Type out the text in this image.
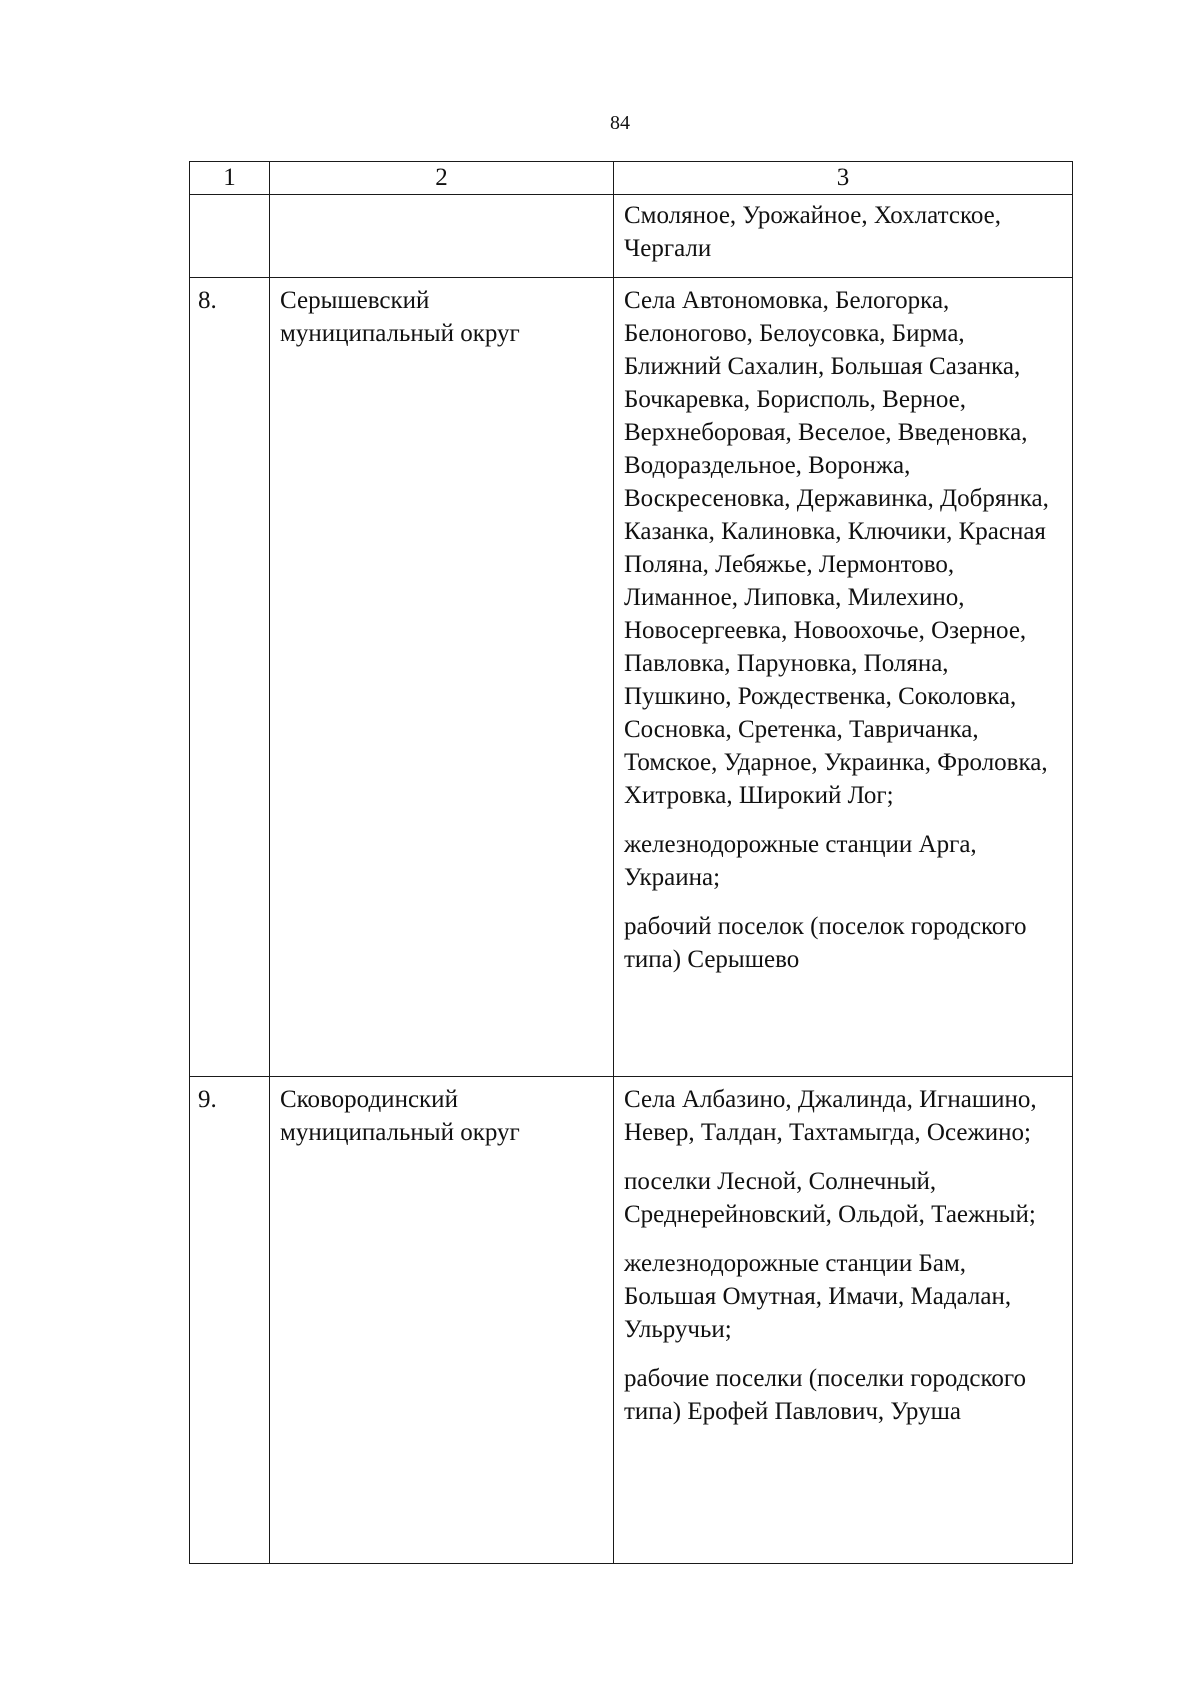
84
1	2	3
		Смоляное, Урожайное, Хохлатское, Чергали
8.	Серышевский муниципальный округ	Села Автономовка, Белогорка, Белоногово, Белоусовка, Бирма, Ближний Сахалин, Большая Сазанка, Бочкаревка, Борисполь, Верное, Верхнеборовая, Веселое, Введеновка, Водораздельное, Воронжа, Воскресеновка, Державинка, Добрянка, Казанка, Калиновка, Ключики, Красная Поляна, Лебяжье, Лермонтово, Лиманное, Липовка, Милехино, Новосергеевка, Новоохочье, Озерное, Павловка, Паруновка, Поляна, Пушкино, Рождественка, Соколовка, Сосновка, Сретенка, Тавричанка, Томское, Ударное, Украинка, Фроловка, Хитровка, Широкий Лог;
железнодорожные станции Арга, Украина;
рабочий поселок (поселок городского типа) Серышево

9.	Сковородинский муниципальный округ	Села Албазино, Джалинда, Игнашино, Невер, Талдан, Тахтамыгда, Осежино;
поселки Лесной, Солнечный, Среднерейновский, Ольдой, Таежный;
железнодорожные станции Бам, Большая Омутная, Имачи, Мадалан, Ульручьи;
рабочие поселки (поселки городского типа) Ерофей Павлович, Уруша
